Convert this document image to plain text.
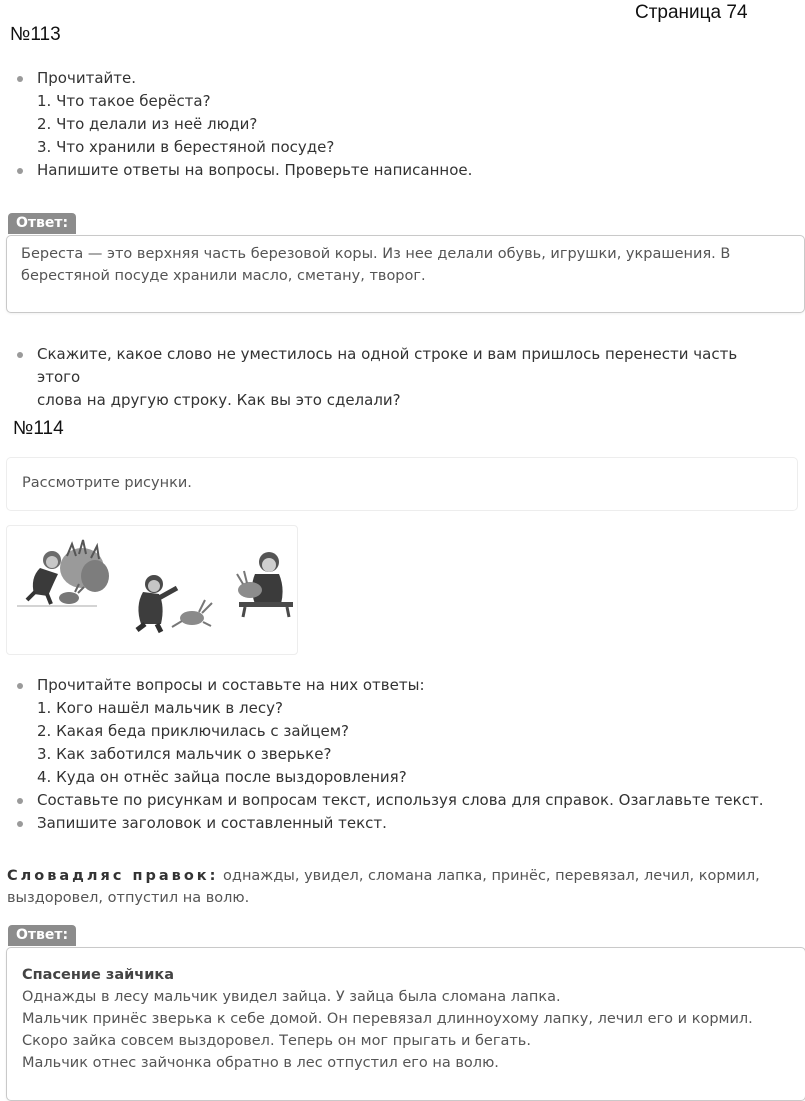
Страница 74
№113
Прочитайте.
1. Что такое берёста?
2. Что делали из неё люди?
3. Что хранили в берестяной посуде?
Напишите ответы на вопросы. Проверьте написанное.
Ответ:
Береста — это верхняя часть березовой коры. Из нее делали обувь, игрушки, украшения. В
берестяной посуде хранили масло, сметану, творог.
Скажите, какое слово не уместилось на одной строке и вам пришлось перенести часть этого
слова на другую строку. Как вы это сделали?
№114
Рассмотрите рисунки.
Прочитайте вопросы и составьте на них ответы:
1. Кого нашёл мальчик в лесу?
2. Какая беда приключилась с зайцем?
3. Как заботился мальчик о зверьке?
4. Куда он отнёс зайца после выздоровления?
Составьте по рисункам и вопросам текст, используя слова для справок. Озаглавьте текст.
Запишите заголовок и составленный текст.
Словадляс правок: однажды, увидел, сломана лапка, принёс, перевязал, лечил, кормил,
выздоровел, отпустил на волю.
Ответ:
Спасение зайчика
Однажды в лесу мальчик увидел зайца. У зайца была сломана лапка.
Мальчик принёс зверька к себе домой. Он перевязал длинноухому лапку, лечил его и кормил.
Скоро зайка совсем выздоровел. Теперь он мог прыгать и бегать.
Мальчик отнес зайчонка обратно в лес отпустил его на волю.
